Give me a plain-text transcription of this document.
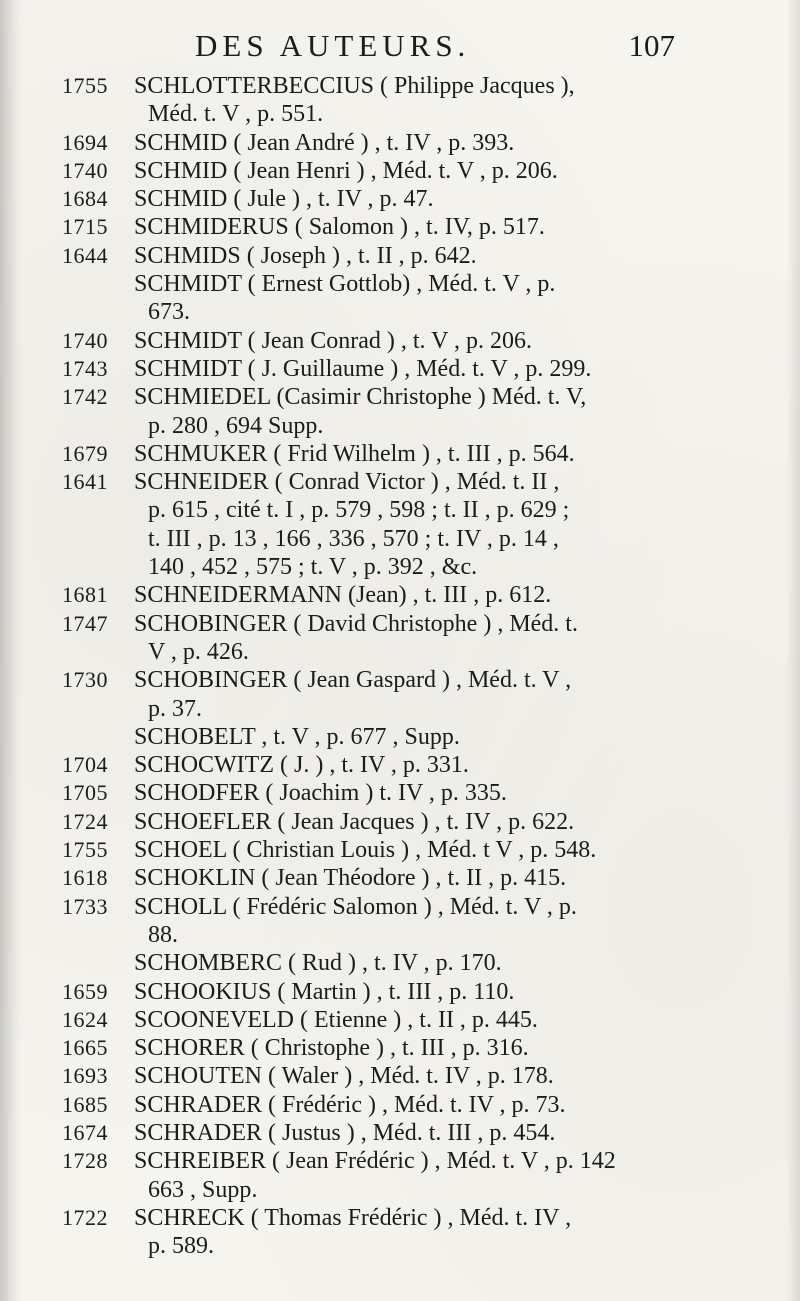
DES AUTEURS.	107
1755 SCHLOTTERBECCIUS ( Philippe Jacques ),
Méd. t. V , p. 551.
1694 SCHMID ( Jean André ) , t. IV , p. 393.
1740 SCHMID ( Jean Henri ) , Méd. t. V , p. 206.
1684 SCHMID ( Jule ) , t. IV , p. 47.
1715 SCHMIDERUS ( Salomon ) , t. IV, p. 517.
1644 SCHMIDS ( Joseph ) , t. II , p. 642.
SCHMIDT ( Ernest Gottlob) , Méd. t. V , p.
673.
1740 SCHMIDT ( Jean Conrad ) , t. V , p. 206.
1743 SCHMIDT ( J. Guillaume ) , Méd. t. V , p. 299.
1742 SCHMIEDEL (Casimir Christophe ) Méd. t. V,
p. 280 , 694 Supp.
1679 SCHMUKER ( Frid Wilhelm ) , t. III , p. 564.
1641 SCHNEIDER ( Conrad Victor ) , Méd. t. II ,
p. 615 , cité t. I , p. 579 , 598 ; t. II , p. 629 ;
t. III , p. 13 , 166 , 336 , 570 ; t. IV , p. 14 ,
140 , 452 , 575 ; t. V , p. 392 , &c.
1681 SCHNEIDERMANN (Jean) , t. III , p. 612.
1747 SCHOBINGER ( David Christophe ) , Méd. t.
V , p. 426.
1730 SCHOBINGER ( Jean Gaspard ) , Méd. t. V ,
p. 37.
SCHOBELT , t. V , p. 677 , Supp.
1704 SCHOCWITZ ( J. ) , t. IV , p. 331.
1705 SCHODFER ( Joachim ) t. IV , p. 335.
1724 SCHOEFLER ( Jean Jacques ) , t. IV , p. 622.
1755 SCHOEL ( Christian Louis ) , Méd. t V , p. 548.
1618 SCHOKLIN ( Jean Théodore ) , t. II , p. 415.
1733 SCHOLL ( Frédéric Salomon ) , Méd. t. V , p.
88.
SCHOMBERC ( Rud ) , t. IV , p. 170.
1659 SCHOOKIUS ( Martin ) , t. III , p. 110.
1624 SCOONEVELD ( Etienne ) , t. II , p. 445.
1665 SCHORER ( Christophe ) , t. III , p. 316.
1693 SCHOUTEN ( Waler ) , Méd. t. IV , p. 178.
1685 SCHRADER ( Frédéric ) , Méd. t. IV , p. 73.
1674 SCHRADER ( Justus ) , Méd. t. III , p. 454.
1728 SCHREIBER ( Jean Frédéric ) , Méd. t. V , p. 142
663 , Supp.
1722 SCHRECK ( Thomas Frédéric ) , Méd. t. IV ,
p. 589.
